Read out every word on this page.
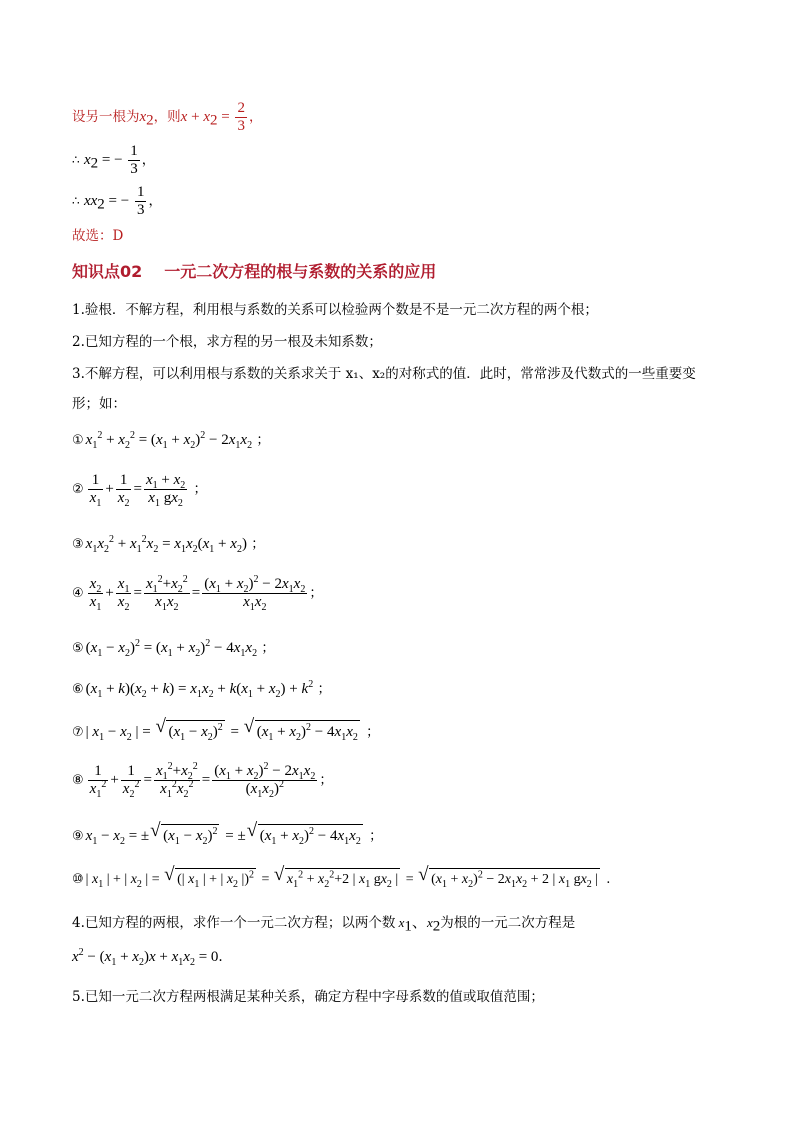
设另一根为$x_2$，则$x + x_2 = \frac{2}{3}$ ，
∴ $x_2$ = − $\frac{1}{3}$ ，
∴ $xx_2$ = − $\frac{1}{3}$ ，
故选：D
知识点02 一元二次方程的根与系数的关系的应用
1.验根．不解方程，利用根与系数的关系可以检验两个数是不是一元二次方程的两个根；
2.已知方程的一个根，求方程的另一根及未知系数；
3.不解方程，可以利用根与系数的关系求关于 x₁、x₂的对称式的值．此时，常常涉及代数式的一些重要变
形；如：
① $x_1^2 + x_2^2 = (x_1 + x_2)^2 - 2x_1x_2$ ；
② $\frac{1}{x_1} + \frac{1}{x_2} = \frac{x_1 + x_2}{x_1 gx_2}$ ；
③ $x_1x_2^2 + x_1^2x_2 = x_1x_2(x_1 + x_2)$ ；
④ $\frac{x_2}{x_1} + \frac{x_1}{x_2} = \frac{x_1^2+x_2^2}{x_1x_2} = \frac{(x_1 + x_2)^2 - 2x_1x_2}{x_1x_2}$ ；
⑤ $(x_1 - x_2)^2 = (x_1 + x_2)^2 - 4x_1x_2$ ；
⑥ $(x_1 + k)(x_2 + k) = x_1x_2 + k(x_1 + x_2) + k^2$ ；
⑦ | $x_1 - x_2$ | = √ $(x_1 - x_2)^2$ = √ $(x_1 + x_2)^2 - 4x_1x_2$ ；
⑧ $\frac{1}{x_1^2} + \frac{1}{x_2^2} = \frac{x_1^2+x_2^2}{x_1^2x_2^2} = \frac{(x_1 + x_2)^2 - 2x_1x_2}{(x_1x_2)^2}$ ；
⑨ $x_1 - x_2$ = ± √ $(x_1 - x_2)^2$ = ± √ $(x_1 + x_2)^2 - 4x_1x_2$ ；
⑩ | $x_1$ | + | $x_2$ | = √ (| $x_1$ | + | $x_2$ |)$^2$ = √ $x_1^2 + x_2^2+2$ | $x_1$ $gx_2$ | = √ $(x_1 + x_2)^2 - 2x_1x_2 + 2$ | $x_1$ $gx_2$ | .
4.已知方程的两根，求作一个一元二次方程；以两个数 $x_1$、$x_2$为根的一元二次方程是
$x^2 - (x_1 + x_2)x + x_1x_2 = 0$.
5.已知一元二次方程两根满足某种关系，确定方程中字母系数的值或取值范围；
